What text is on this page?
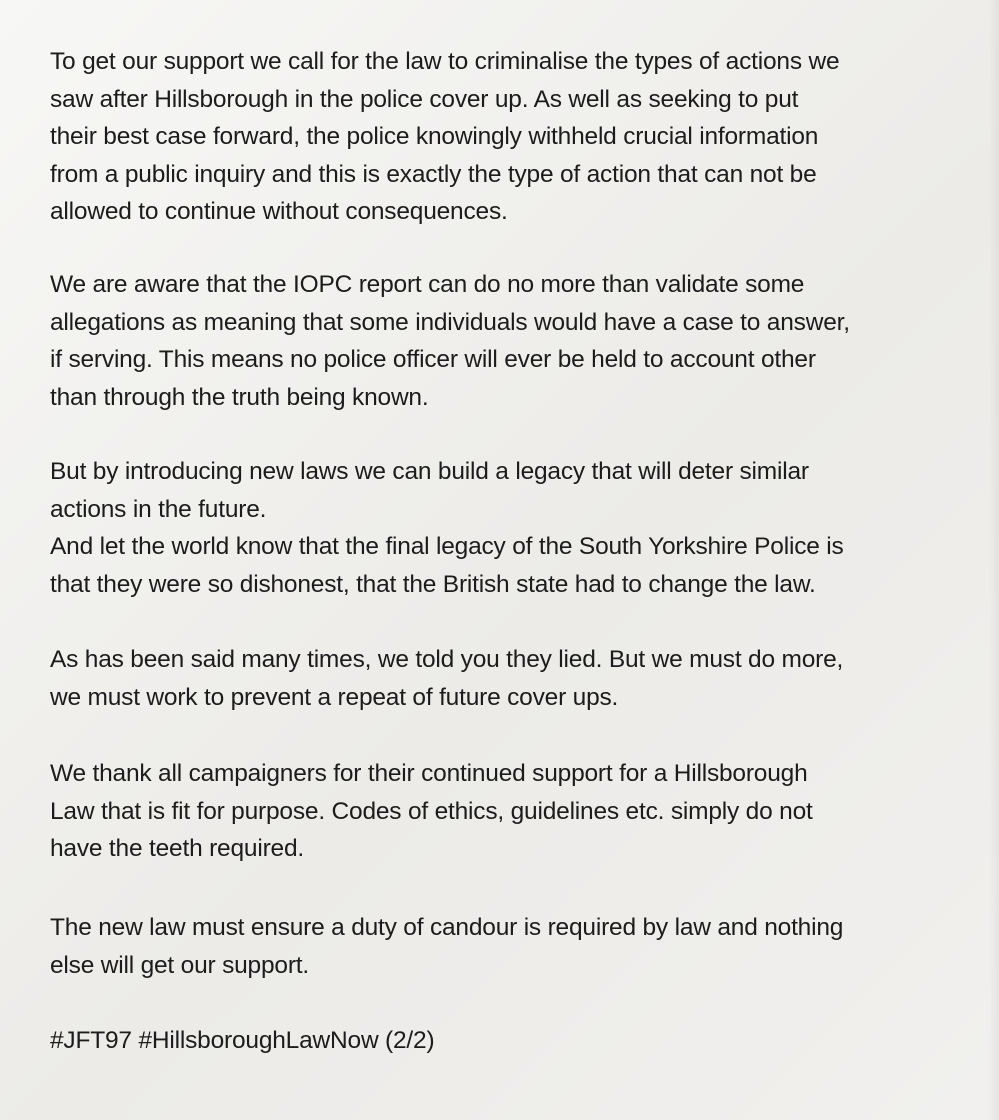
To get our support we call for the law to criminalise the types of actions we
saw after Hillsborough in the police cover up. As well as seeking to put
their best case forward, the police knowingly withheld crucial information
from a public inquiry and this is exactly the type of action that can not be
allowed to continue without consequences.

We are aware that the IOPC report can do no more than validate some
allegations as meaning that some individuals would have a case to answer,
if serving. This means no police officer will ever be held to account other
than through the truth being known.

But by introducing new laws we can build a legacy that will deter similar
actions in the future.
And let the world know that the final legacy of the South Yorkshire Police is
that they were so dishonest, that the British state had to change the law.

As has been said many times, we told you they lied. But we must do more,
we must work to prevent a repeat of future cover ups.

We thank all campaigners for their continued support for a Hillsborough
Law that is fit for purpose. Codes of ethics, guidelines etc. simply do not
have the teeth required.

The new law must ensure a duty of candour is required by law and nothing
else will get our support.

#JFT97 #HillsboroughLawNow (2/2)
